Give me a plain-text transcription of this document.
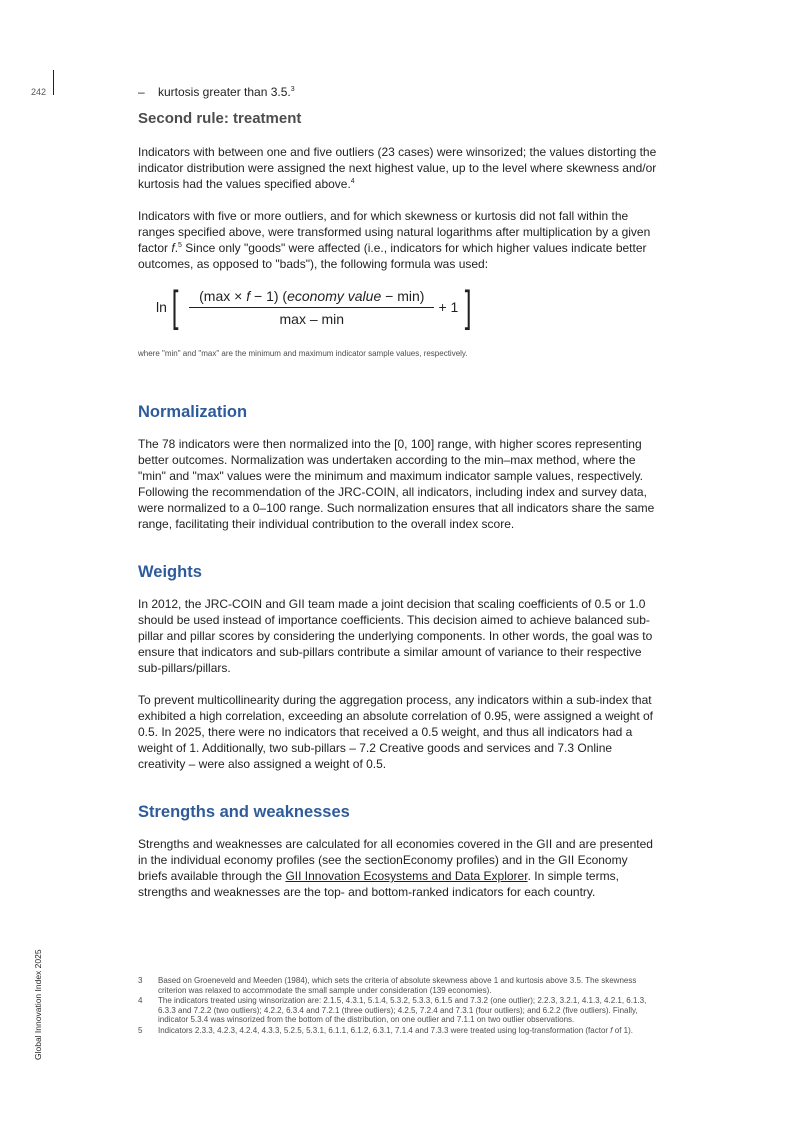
242
Global Innovation Index 2025
–	kurtosis greater than 3.5.$^3$
Second rule: treatment

Indicators with between one and five outliers (23 cases) were winsorized; the values distorting the indicator distribution were assigned the next highest value, up to the level where skewness and/or kurtosis had the values specified above.$^4$

Indicators with five or more outliers, and for which skewness or kurtosis did not fall within the ranges specified above, were transformed using natural logarithms after multiplication by a given factor f.$^5$ Since only "goods" were affected (i.e., indicators for which higher values indicate better outcomes, as opposed to "bads"), the following formula was used:

ln [ $\frac{\text{(max × f − 1) (economy value − min)}}{\max - \min} + 1$ ]
where "min" and "max" are the minimum and maximum indicator sample values, respectively.
Normalization

The 78 indicators were then normalized into the [0, 100] range, with higher scores representing better outcomes. Normalization was undertaken according to the min–max method, where the "min" and "max" values were the minimum and maximum indicator sample values, respectively. Following the recommendation of the JRC-COIN, all indicators, including index and survey data, were normalized to a 0–100 range. Such normalization ensures that all indicators share the same range, facilitating their individual contribution to the overall index score.

Weights

In 2012, the JRC-COIN and GII team made a joint decision that scaling coefficients of 0.5 or 1.0 should be used instead of importance coefficients. This decision aimed to achieve balanced sub-pillar and pillar scores by considering the underlying components. In other words, the goal was to ensure that indicators and sub-pillars contribute a similar amount of variance to their respective sub-pillars/pillars.

To prevent multicollinearity during the aggregation process, any indicators within a sub-index that exhibited a high correlation, exceeding an absolute correlation of 0.95, were assigned a weight of 0.5. In 2025, there were no indicators that received a 0.5 weight, and thus all indicators had a weight of 1. Additionally, two sub-pillars – 7.2 Creative goods and services and 7.3 Online creativity – were also assigned a weight of 0.5.

Strengths and weaknesses

Strengths and weaknesses are calculated for all economies covered in the GII and are presented in the individual economy profiles (see the sectionEconomy profiles) and in the GII Economy briefs available through the GII Innovation Ecosystems and Data Explorer. In simple terms, strengths and weaknesses are the top- and bottom-ranked indicators for each country.

3	Based on Groeneveld and Meeden (1984), which sets the criteria of absolute skewness above 1 and kurtosis above 3.5. The skewness criterion was relaxed to accommodate the small sample under consideration (139 economies).
4	The indicators treated using winsorization are: 2.1.5, 4.3.1, 5.1.4, 5.3.2, 5.3.3, 6.1.5 and 7.3.2 (one outlier); 2.2.3, 3.2.1, 4.1.3, 4.2.1, 6.1.3, 6.3.3 and 7.2.2 (two outliers); 4.2.2, 6.3.4 and 7.2.1 (three outliers); 4.2.5, 7.2.4 and 7.3.1 (four outliers); and 6.2.2 (five outliers). Finally, indicator 5.3.4 was winsorized from the bottom of the distribution, on one outlier and 7.1.1 on two outlier observations.
5	Indicators 2.3.3, 4.2.3, 4.2.4, 4.3.3, 5.2.5, 5.3.1, 6.1.1, 6.1.2, 6.3.1, 7.1.4 and 7.3.3 were treated using log-transformation (factor f of 1).
